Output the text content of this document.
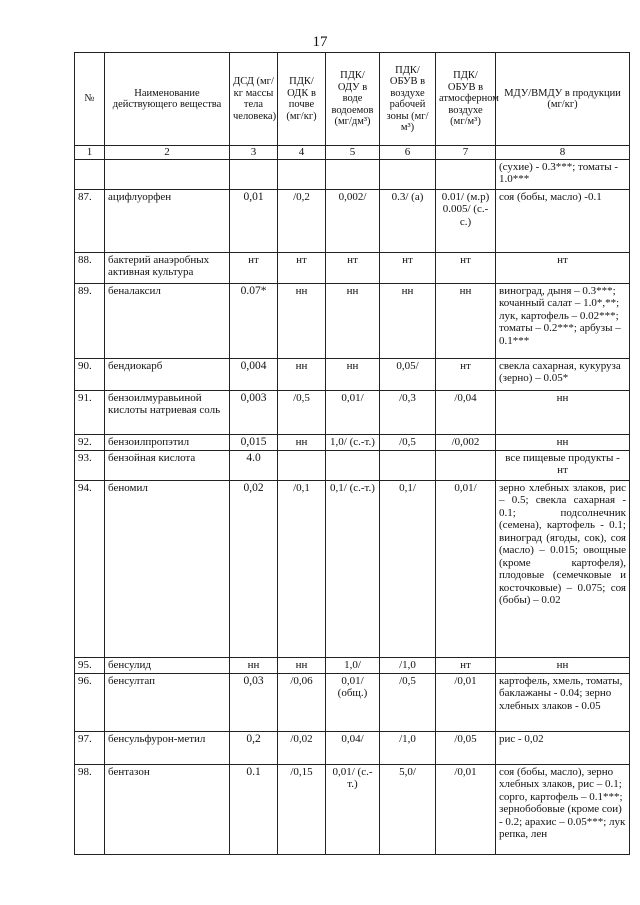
17
№	Наименование действующего вещества	ДСД (мг/кг массы тела человека)	ПДК/ ОДК в почве (мг/кг)	ПДК/ ОДУ в воде водоемов (мг/дм³)	ПДК/ ОБУВ в воздухе рабочей зоны (мг/м³)	ПДК/ ОБУВ в атмосферном воздухе (мг/м³)	МДУ/ВМДУ в продукции (мг/кг)
1	2	3	4	5	6	7	8
							(сухие) - 0.3***; томаты - 1.0***
87.	ацифлуорфен	0,01	/0,2	0,002/	0.3/ (а)	0.01/ (м.р) 0.005/ (с.-с.)	соя (бобы, масло) -0.1
88.	бактерий анаэробных активная культура	нт	нт	нт	нт	нт	нт
89.	беналаксил	0.07*	нн	нн	нн	нн	виноград, дыня – 0.3***; кочанный салат – 1.0*,**; лук, картофель – 0.02***; томаты – 0.2***; арбузы – 0.1***
90.	бендиокарб	0,004	нн	нн	0,05/	нт	свекла сахарная, кукуруза (зерно) – 0.05*
91.	бензоилмуравьиной кислоты натриевая соль	0,003	/0,5	0,01/	/0,3	/0,04	нн
92.	бензоилпропэтил	0,015	нн	1,0/ (с.-т.)	/0,5	/0,002	нн
93.	бензойная кислота	4.0					все пищевые продукты - нт
94.	беномил	0,02	/0,1	0,1/ (с.-т.)	0,1/	0,01/	зерно хлебных злаков, рис – 0.5; свекла сахарная - 0.1; подсолнечник (семена), картофель - 0.1; виноград (ягоды, сок), соя (масло) – 0.015; овощные (кроме картофеля), плодовые (семечковые и косточковые) – 0.075; соя (бобы) – 0.02
95.	бенсулид	нн	нн	1,0/	/1,0	нт	нн
96.	бенсултап	0,03	/0,06	0,01/ (общ.)	/0,5	/0,01	картофель, хмель, томаты, баклажаны - 0.04; зерно хлебных злаков - 0.05
97.	бенсульфурон-метил	0,2	/0,02	0,04/	/1,0	/0,05	рис - 0,02
98.	бентазон	0.1	/0,15	0,01/ (с.-т.)	5,0/	/0,01	соя (бобы, масло), зерно хлебных злаков, рис – 0.1; сорго, картофель – 0.1***; зернобобовые (кроме сои) - 0.2; арахис – 0.05***; лук репка, лен
